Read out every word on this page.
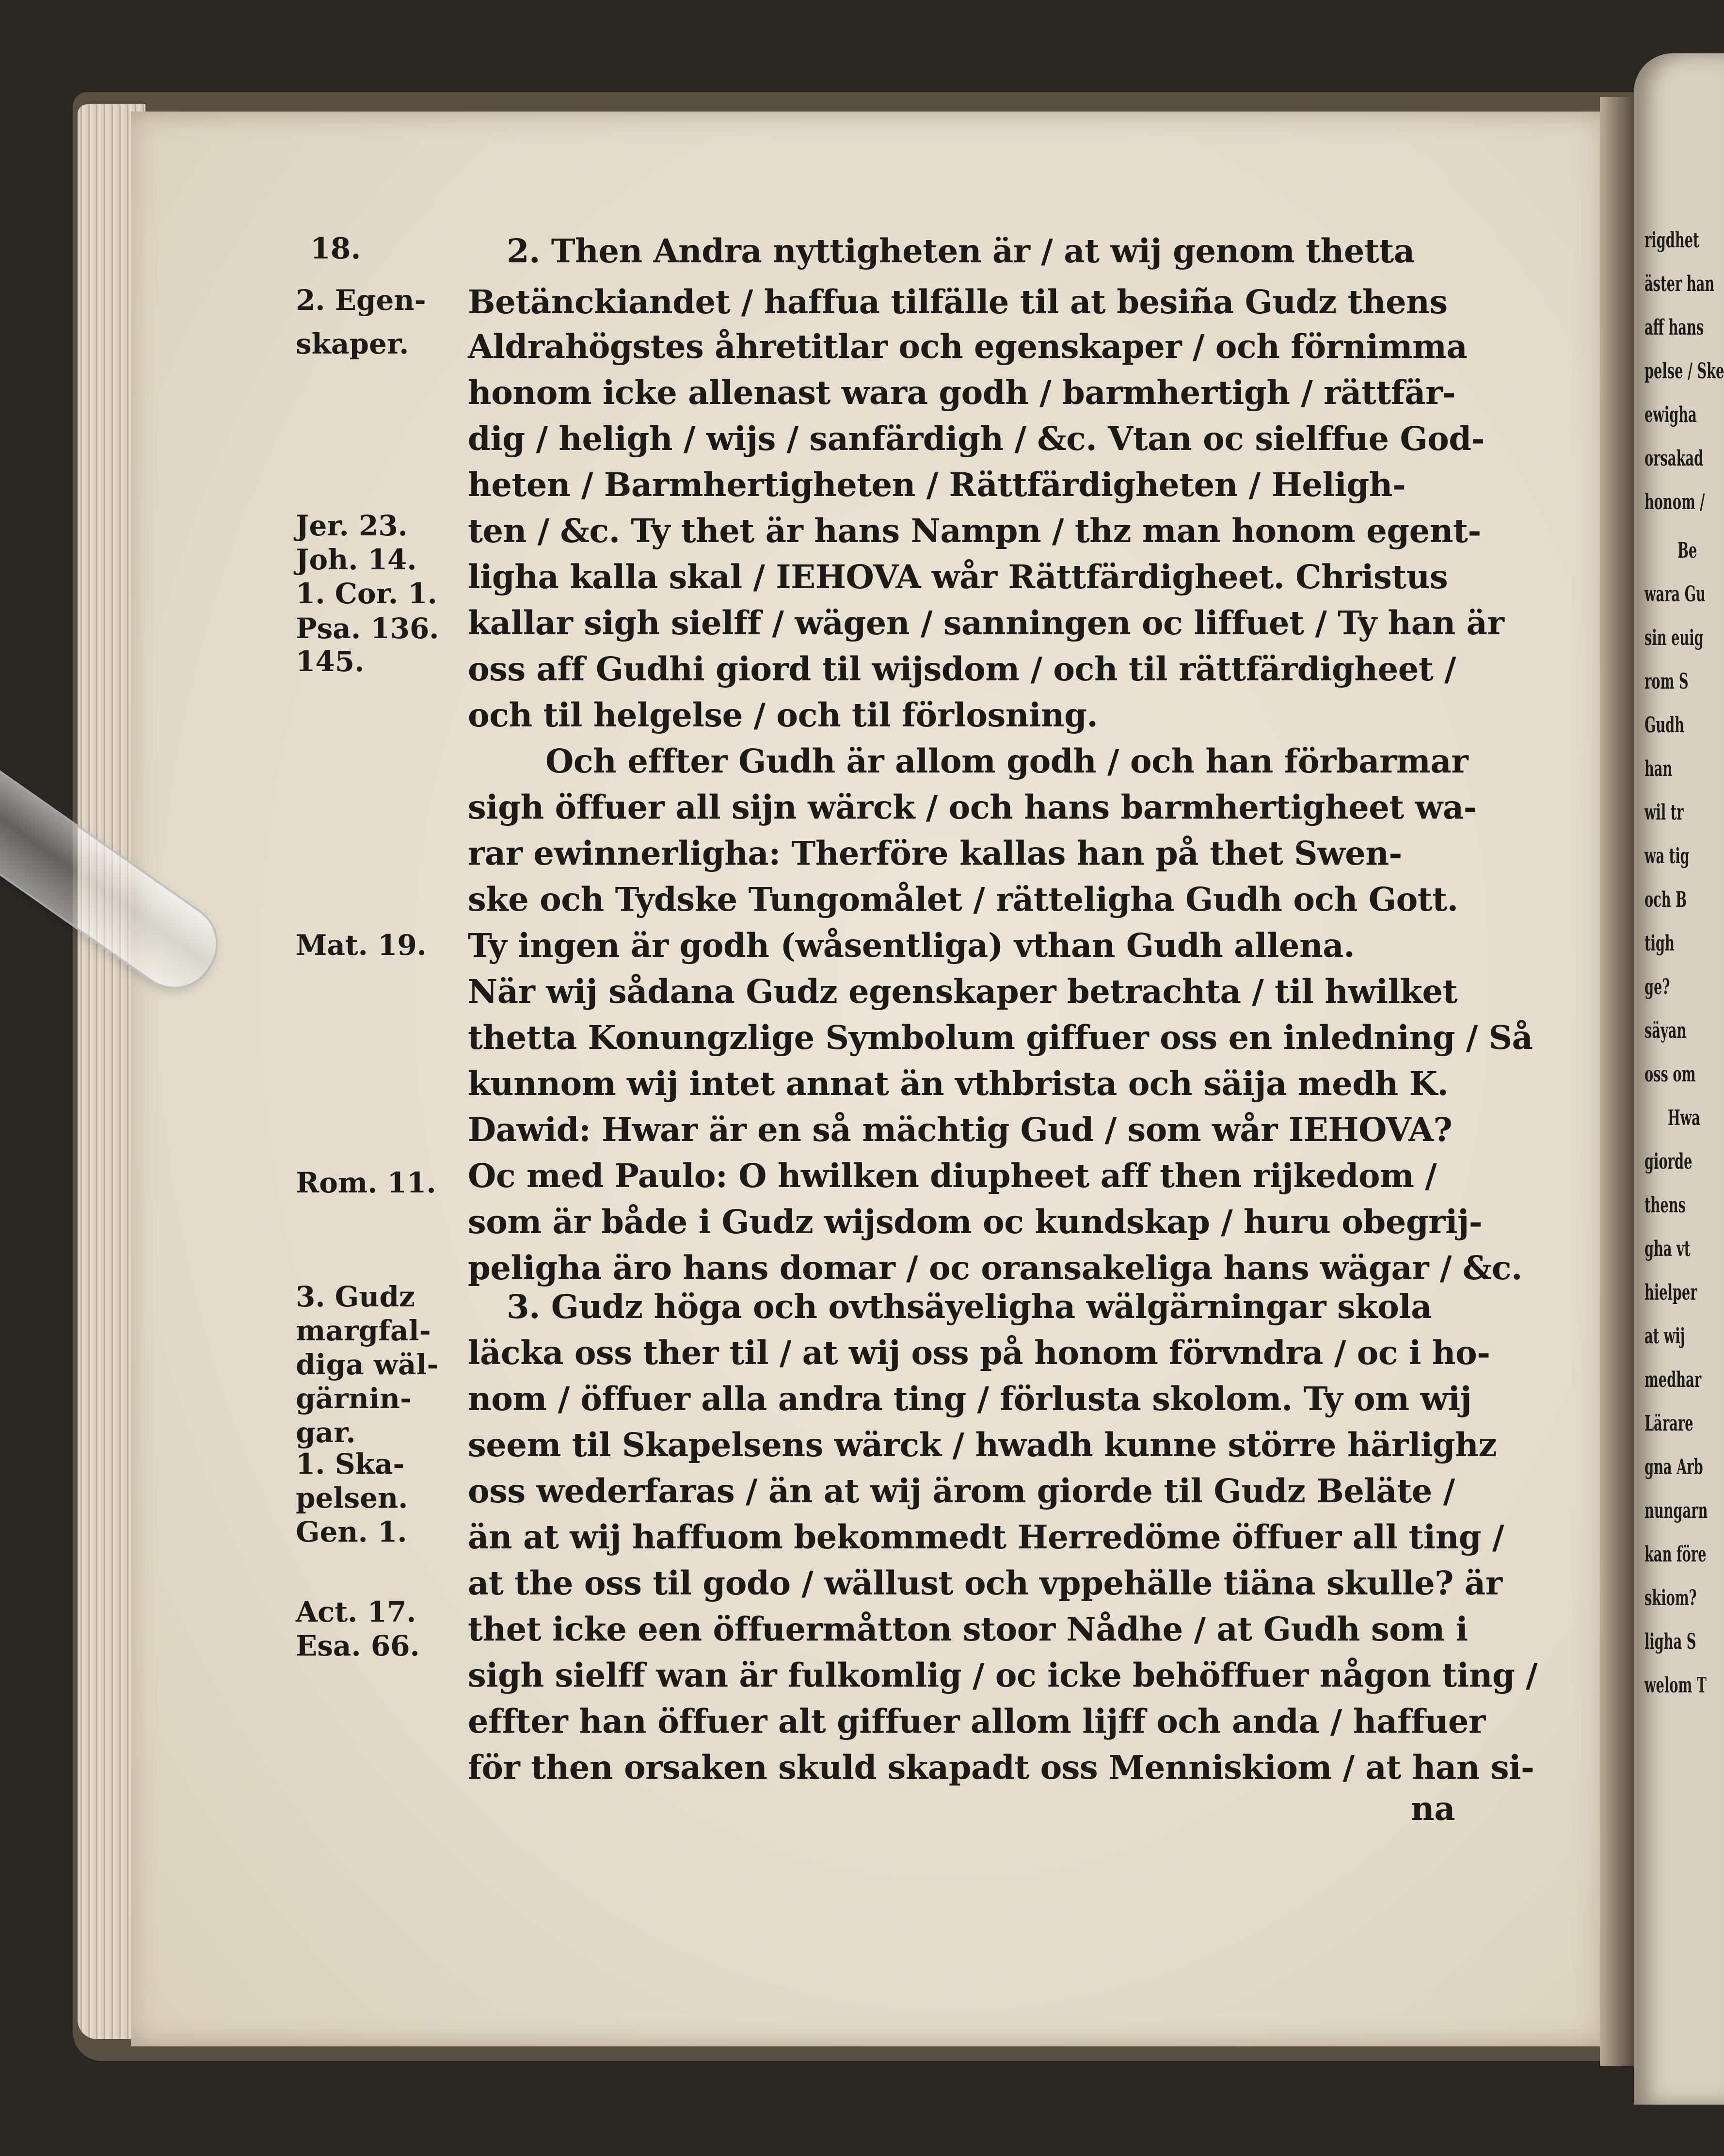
18.
2. Egen-
skaper.
Jer. 23.
Joh. 14.
1. Cor. 1.
Psa. 136.
145.
Mat. 19.
Rom. 11.
3. Gudz
margfal-
diga wäl-
gärnin-
gar.
1. Ska-
pelsen.
Gen. 1.
Act. 17.
Esa. 66.
2. Then Andra nyttigheten är / at wij genom thetta
Betänckiandet / haffua tilfälle til at besiña Gudz thens
Aldrahögstes åhretitlar och egenskaper / och förnimma
honom icke allenast wara godh / barmhertigh / rättfär-
dig / heligh / wijs / sanfärdigh / &c. Vtan oc sielffue God-
heten / Barmhertigheten / Rättfärdigheten / Heligh-
ten / &c. Ty thet är hans Nampn / thz man honom egent-
ligha kalla skal / IEHOVA wår Rättfärdigheet. Christus
kallar sigh sielff / wägen / sanningen oc liffuet / Ty han är
oss aff Gudhi giord til wijsdom / och til rättfärdigheet /
och til helgelse / och til förlosning.
Och effter Gudh är allom godh / och han förbarmar
sigh öffuer all sijn wärck / och hans barmhertigheet wa-
rar ewinnerligha: Therföre kallas han på thet Swen-
ske och Tydske Tungomålet / rätteligha Gudh och Gott.
Ty ingen är godh (wåsentliga) vthan Gudh allena.
När wij sådana Gudz egenskaper betrachta / til hwilket
thetta Konungzlige Symbolum giffuer oss en inledning / Så
kunnom wij intet annat än vthbrista och säija medh K.
Dawid: Hwar är en så mächtig Gud / som wår IEHOVA?
Oc med Paulo: O hwilken diupheet aff then rijkedom /
som är både i Gudz wijsdom oc kundskap / huru obegrij-
peligha äro hans domar / oc oransakeliga hans wägar / &c.
3. Gudz höga och ovthsäyeligha wälgärningar skola
läcka oss ther til / at wij oss på honom förvndra / oc i ho-
nom / öffuer alla andra ting / förlusta skolom. Ty om wij
seem til Skapelsens wärck / hwadh kunne större härlighz
oss wederfaras / än at wij ärom giorde til Gudz Beläte /
än at wij haffuom bekommedt Herredöme öffuer all ting /
at the oss til godo / wällust och vppehälle tiäna skulle? är
thet icke een öffuermåtton stoor Nådhe / at Gudh som i
sigh sielff wan är fulkomlig / oc icke behöffuer någon ting /
effter han öffuer alt giffuer allom lijff och anda / haffuer
för then orsaken skuld skapadt oss Menniskiom / at han si-
na
rigdhet
äster han
aff hans
pelse / Ske
ewigha
orsakad
honom /
Be
wara Gu
sin euig
rom S
Gudh
han
wil tr
wa tig
och B
tigh
ge?
säyan
oss om
Hwa
giorde
thens
gha vt
hielper
at wij
medhar
Lärare
gna Arb
nungarn
kan före
skiom?
ligha S
welom T
